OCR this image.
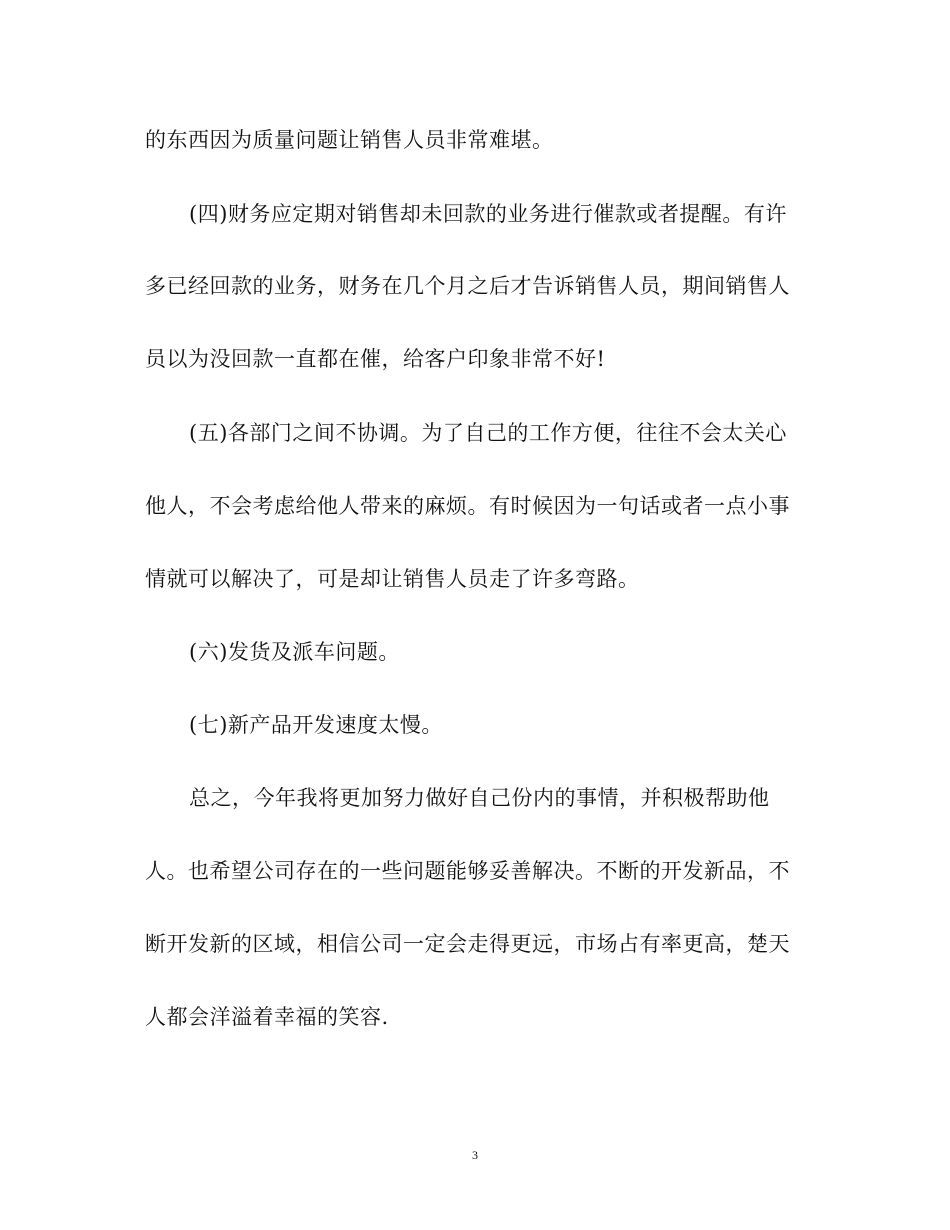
的东西因为质量问题让销售人员非常难堪。
(四)财务应定期对销售却未回款的业务进行催款或者提醒。有许
多已经回款的业务，财务在几个月之后才告诉销售人员，期间销售人
员以为没回款一直都在催，给客户印象非常不好!
(五)各部门之间不协调。为了自己的工作方便，往往不会太关心
他人，不会考虑给他人带来的麻烦。有时候因为一句话或者一点小事
情就可以解决了，可是却让销售人员走了许多弯路。
(六)发货及派车问题。
(七)新产品开发速度太慢。
总之，今年我将更加努力做好自己份内的事情，并积极帮助他
人。也希望公司存在的一些问题能够妥善解决。不断的开发新品，不
断开发新的区域，相信公司一定会走得更远，市场占有率更高，楚天
人都会洋溢着幸福的笑容.
3
